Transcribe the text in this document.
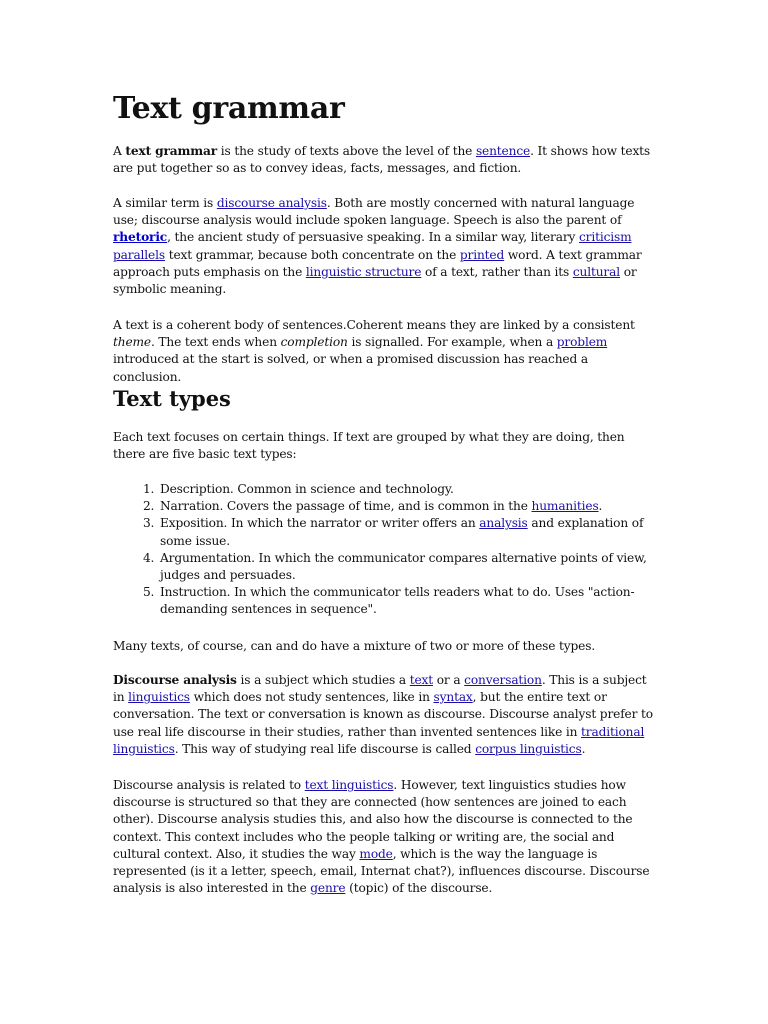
Text grammar

A text grammar is the study of texts above the level of the sentence. It shows how texts are put together so as to convey ideas, facts, messages, and fiction.

A similar term is discourse analysis. Both are mostly concerned with natural language use; discourse analysis would include spoken language. Speech is also the parent of rhetoric, the ancient study of persuasive speaking. In a similar way, literary criticism parallels text grammar, because both concentrate on the printed word. A text grammar approach puts emphasis on the linguistic structure of a text, rather than its cultural or symbolic meaning.

A text is a coherent body of sentences.Coherent means they are linked by a consistent theme. The text ends when completion is signalled. For example, when a problem introduced at the start is solved, or when a promised discussion has reached a conclusion.

Text types

Each text focuses on certain things. If text are grouped by what they are doing, then there are five basic text types:

1. Description. Common in science and technology.
2. Narration. Covers the passage of time, and is common in the humanities.
3. Exposition. In which the narrator or writer offers an analysis and explanation of some issue.
4. Argumentation. In which the communicator compares alternative points of view, judges and persuades.
5. Instruction. In which the communicator tells readers what to do. Uses "action-demanding sentences in sequence".

Many texts, of course, can and do have a mixture of two or more of these types.

Discourse analysis is a subject which studies a text or a conversation. This is a subject in linguistics which does not study sentences, like in syntax, but the entire text or conversation. The text or conversation is known as discourse. Discourse analyst prefer to use real life discourse in their studies, rather than invented sentences like in traditional linguistics. This way of studying real life discourse is called corpus linguistics.

Discourse analysis is related to text linguistics. However, text linguistics studies how discourse is structured so that they are connected (how sentences are joined to each other). Discourse analysis studies this, and also how the discourse is connected to the context. This context includes who the people talking or writing are, the social and cultural context. Also, it studies the way mode, which is the way the language is represented (is it a letter, speech, email, Internat chat?), influences discourse. Discourse analysis is also interested in the genre (topic) of the discourse.
